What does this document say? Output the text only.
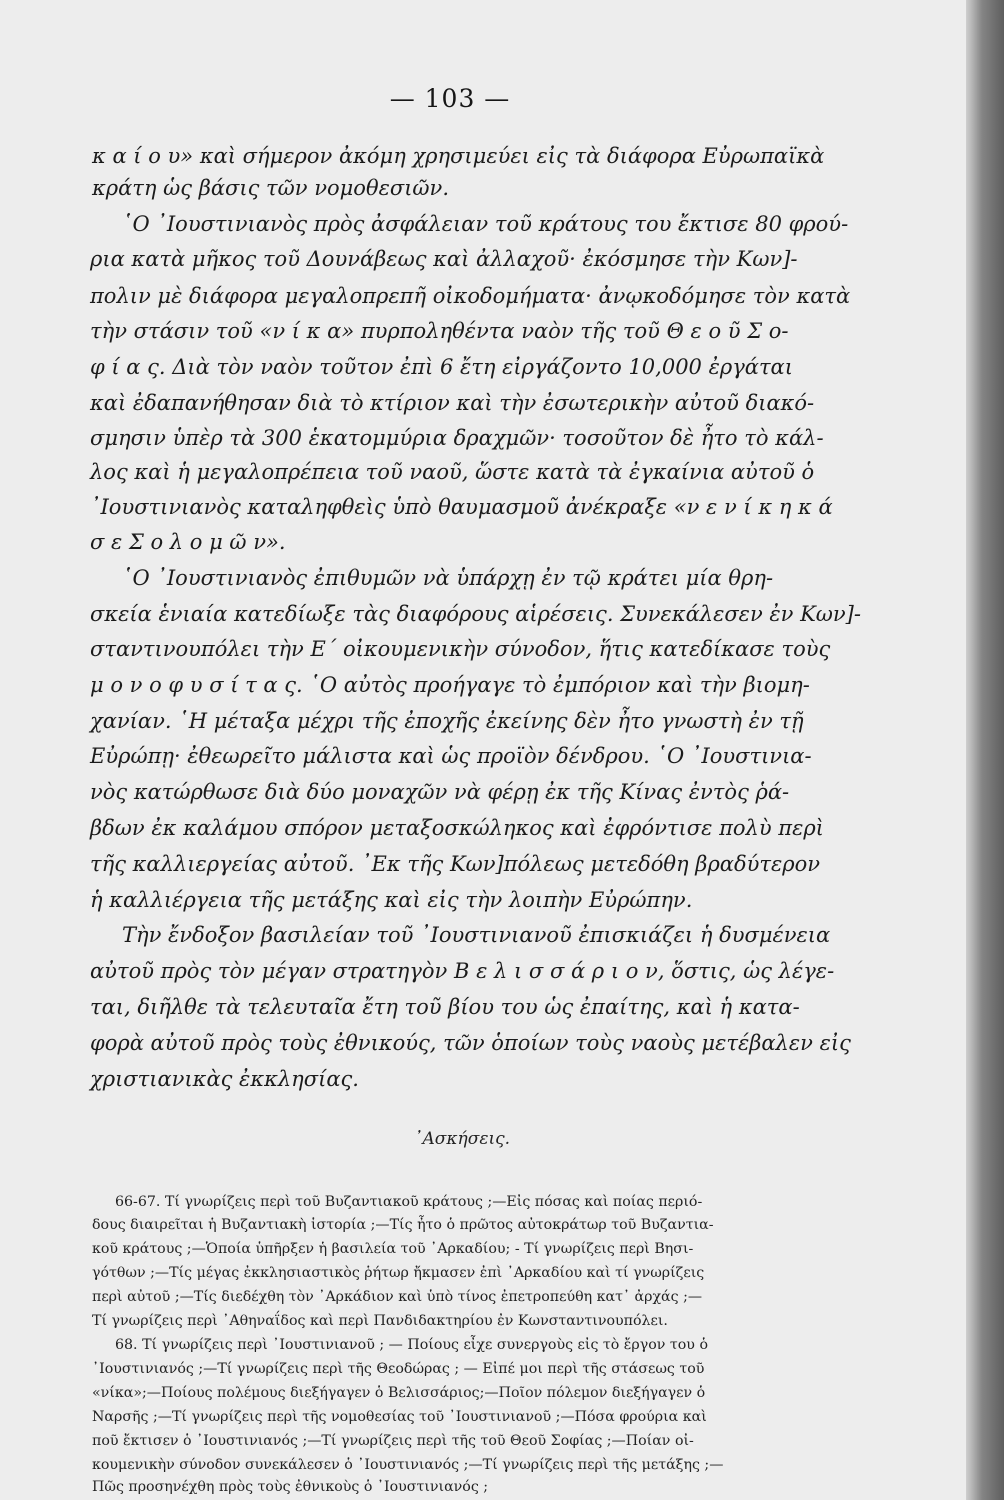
— 103 —
κ α ί ο υ» καὶ σήμερον ἀκόμη χρησιμεύει εἰς τὰ διάφορα Εὐρωπαϊκὰ
κράτη ὡς βάσις τῶν νομοθεσιῶν.
῾Ο ᾿Ιουστινιανὸς πρὸς ἀσφάλειαν τοῦ κράτους του ἔκτισε 80 φρού-
ρια κατὰ μῆκος τοῦ Δουνάβεως καὶ ἀλλαχοῦ· ἐκόσμησε τὴν Κων]-
πολιν μὲ διάφορα μεγαλοπρεπῆ οἰκοδομήματα· ἀνῳκοδόμησε τὸν κατὰ
τὴν στάσιν τοῦ «ν ί κ α» πυρποληθέντα ναὸν τῆς τοῦ Θ ε ο ῦ Σ ο-
φ ί α ς. Διὰ τὸν ναὸν τοῦτον ἐπὶ 6 ἔτη εἰργάζοντο 10,000 ἐργάται
καὶ ἐδαπανήθησαν διὰ τὸ κτίριον καὶ τὴν ἐσωτερικὴν αὐτοῦ διακό-
σμησιν ὑπὲρ τὰ 300 ἑκατομμύρια δραχμῶν· τοσοῦτον δὲ ἦτο τὸ κάλ-
λος καὶ ἡ μεγαλοπρέπεια τοῦ ναοῦ, ὥστε κατὰ τὰ ἐγκαίνια αὐτοῦ ὁ
᾿Ιουστινιανὸς καταληφθεὶς ὑπὸ θαυμασμοῦ ἀνέκραξε «ν ε ν ί κ η κ ά
σ ε Σ ο λ ο μ ῶ ν».
῾Ο ᾿Ιουστινιανὸς ἐπιθυμῶν νὰ ὑπάρχῃ ἐν τῷ κράτει μία θρη-
σκεία ἑνιαία κατεδίωξε τὰς διαφόρους αἱρέσεις. Συνεκάλεσεν ἐν Κων]-
σταντινουπόλει τὴν Ε΄ οἰκουμενικὴν σύνοδον, ἥτις κατεδίκασε τοὺς
μ ο ν ο φ υ σ ί τ α ς. ῾Ο αὐτὸς προήγαγε τὸ ἐμπόριον καὶ τὴν βιομη-
χανίαν. ῾Η μέταξα μέχρι τῆς ἐποχῆς ἐκείνης δὲν ἦτο γνωστὴ ἐν τῇ
Εὐρώπῃ· ἐθεωρεῖτο μάλιστα καὶ ὡς προϊὸν δένδρου. ῾Ο ᾿Ιουστινια-
νὸς κατώρθωσε διὰ δύο μοναχῶν νὰ φέρῃ ἐκ τῆς Κίνας ἐντὸς ῥά-
βδων ἐκ καλάμου σπόρον μεταξοσκώληκος καὶ ἐφρόντισε πολὺ περὶ
τῆς καλλιεργείας αὐτοῦ. ᾿Εκ τῆς Κων]πόλεως μετεδόθη βραδύτερον
ἡ καλλιέργεια τῆς μετάξης καὶ εἰς τὴν λοιπὴν Εὐρώπην.
Τὴν ἔνδοξον βασιλείαν τοῦ ᾿Ιουστινιανοῦ ἐπισκιάζει ἡ δυσμένεια
αὐτοῦ πρὸς τὸν μέγαν στρατηγὸν Β ε λ ι σ σ ά ρ ι ο ν, ὅστις, ὡς λέγε-
ται, διῆλθε τὰ τελευταῖα ἔτη τοῦ βίου του ὡς ἐπαίτης, καὶ ἡ κατα-
φορὰ αὐτοῦ πρὸς τοὺς ἐθνικούς, τῶν ὁποίων τοὺς ναοὺς μετέβαλεν εἰς
χριστιανικὰς ἐκκλησίας.
᾿Ασκήσεις.
66-67. Τί γνωρίζεις περὶ τοῦ Βυζαντιακοῦ κράτους ;—Εἰς πόσας καὶ ποίας περιό-
δους διαιρεῖται ἡ Βυζαντιακὴ ἱστορία ;—Τίς ἦτο ὁ πρῶτος αὐτοκράτωρ τοῦ Βυζαντια-
κοῦ κράτους ;—Ὁποία ὑπῆρξεν ἡ βασιλεία τοῦ ᾿Αρκαδίου; - Τί γνωρίζεις περὶ Βησι-
γότθων ;—Τίς μέγας ἐκκλησιαστικὸς ῥήτωρ ἤκμασεν ἐπὶ ᾿Αρκαδίου καὶ τί γνωρίζεις
περὶ αὐτοῦ ;—Τίς διεδέχθη τὸν ᾿Αρκάδιον καὶ ὑπὸ τίνος ἐπετροπεύθη κατ᾿ ἀρχάς ;—
Τί γνωρίζεις περὶ ᾿Αθηναΐδος καὶ περὶ Πανδιδακτηρίου ἐν Κωνσταντινουπόλει.
68. Τί γνωρίζεις περὶ ᾿Ιουστινιανοῦ ; — Ποίους εἶχε συνεργοὺς εἰς τὸ ἔργον του ὁ
᾿Ιουστινιανός ;—Τί γνωρίζεις περὶ τῆς Θεοδώρας ; — Εἰπέ μοι περὶ τῆς στάσεως τοῦ
«νίκα»;—Ποίους πολέμους διεξήγαγεν ὁ Βελισσάριος;—Ποῖον πόλεμον διεξήγαγεν ὁ
Ναρσῆς ;—Τί γνωρίζεις περὶ τῆς νομοθεσίας τοῦ ᾿Ιουστινιανοῦ ;—Πόσα φρούρια καὶ
ποῦ ἔκτισεν ὁ ᾿Ιουστινιανός ;—Τί γνωρίζεις περὶ τῆς τοῦ Θεοῦ Σοφίας ;—Ποίαν οἰ-
κουμενικὴν σύνοδον συνεκάλεσεν ὁ ᾿Ιουστινιανός ;—Τί γνωρίζεις περὶ τῆς μετάξης ;—
Πῶς προσηνέχθη πρὸς τοὺς ἐθνικοὺς ὁ ᾿Ιουστινιανός ;
